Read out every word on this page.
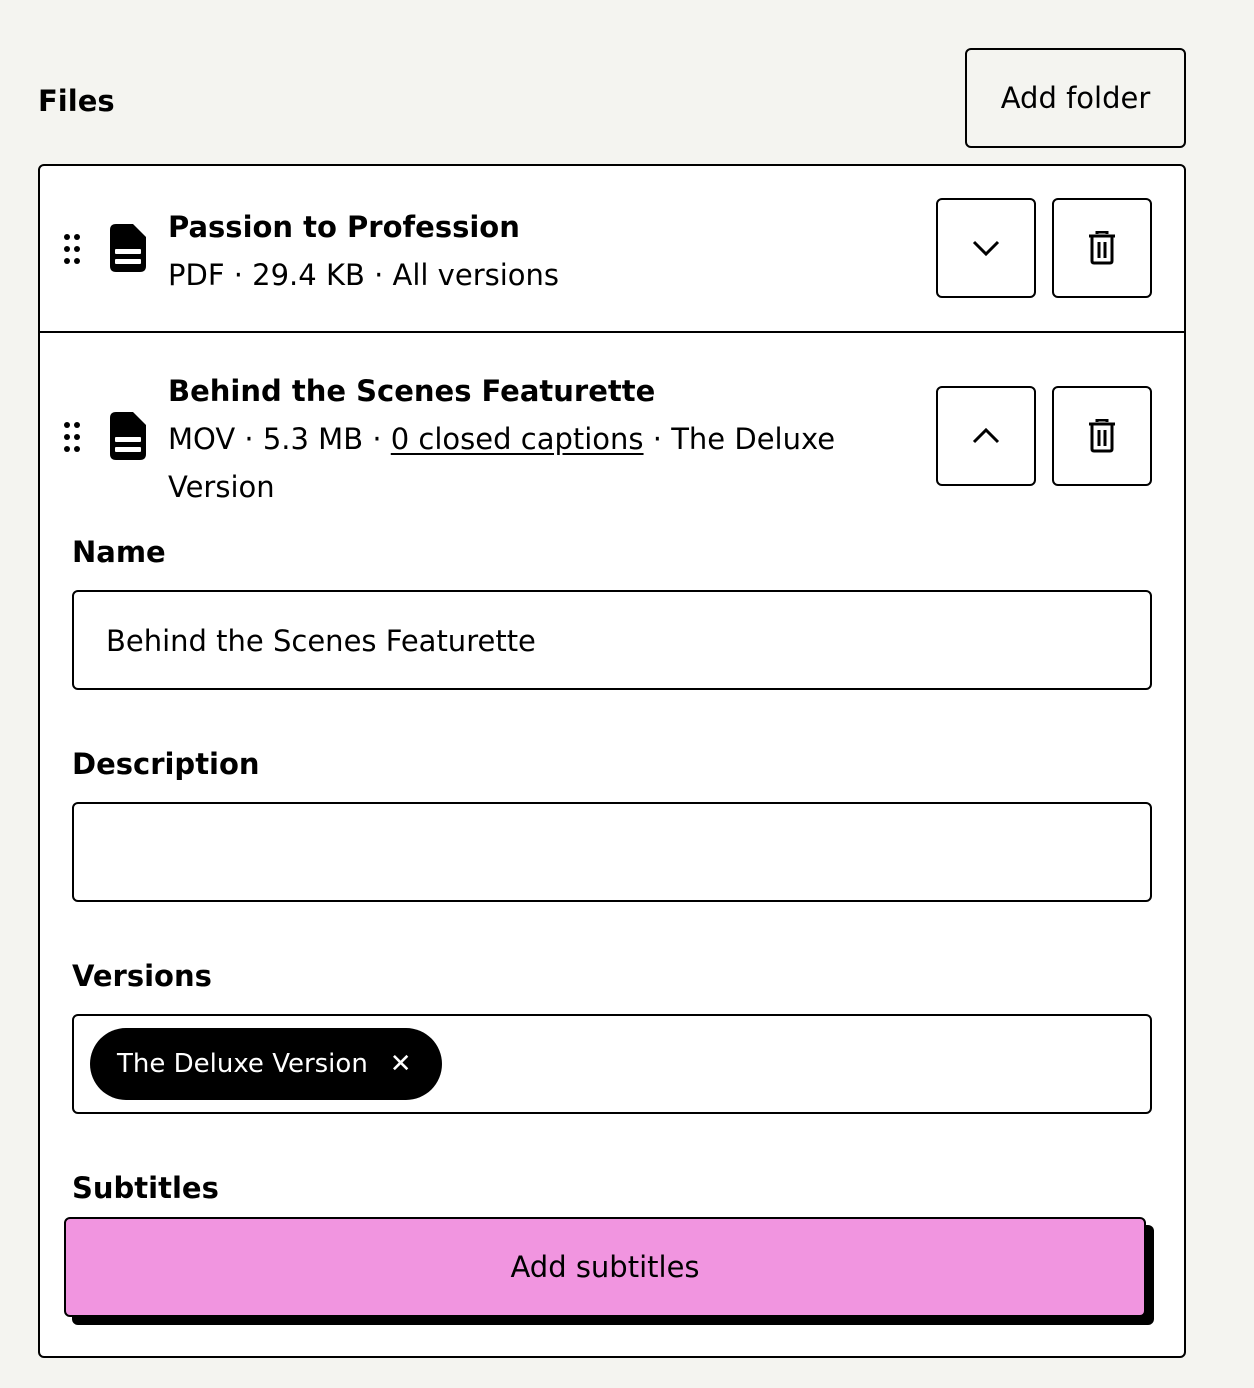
Files	Add folder
Passion to Profession
PDF · 29.4 KB · All versions
Behind the Scenes Featurette
MOV · 5.3 MB · 0 closed captions · The Deluxe
Version
Name
Behind the Scenes Featurette
Description
Versions
The Deluxe Version ✕
Subtitles
Add subtitles
